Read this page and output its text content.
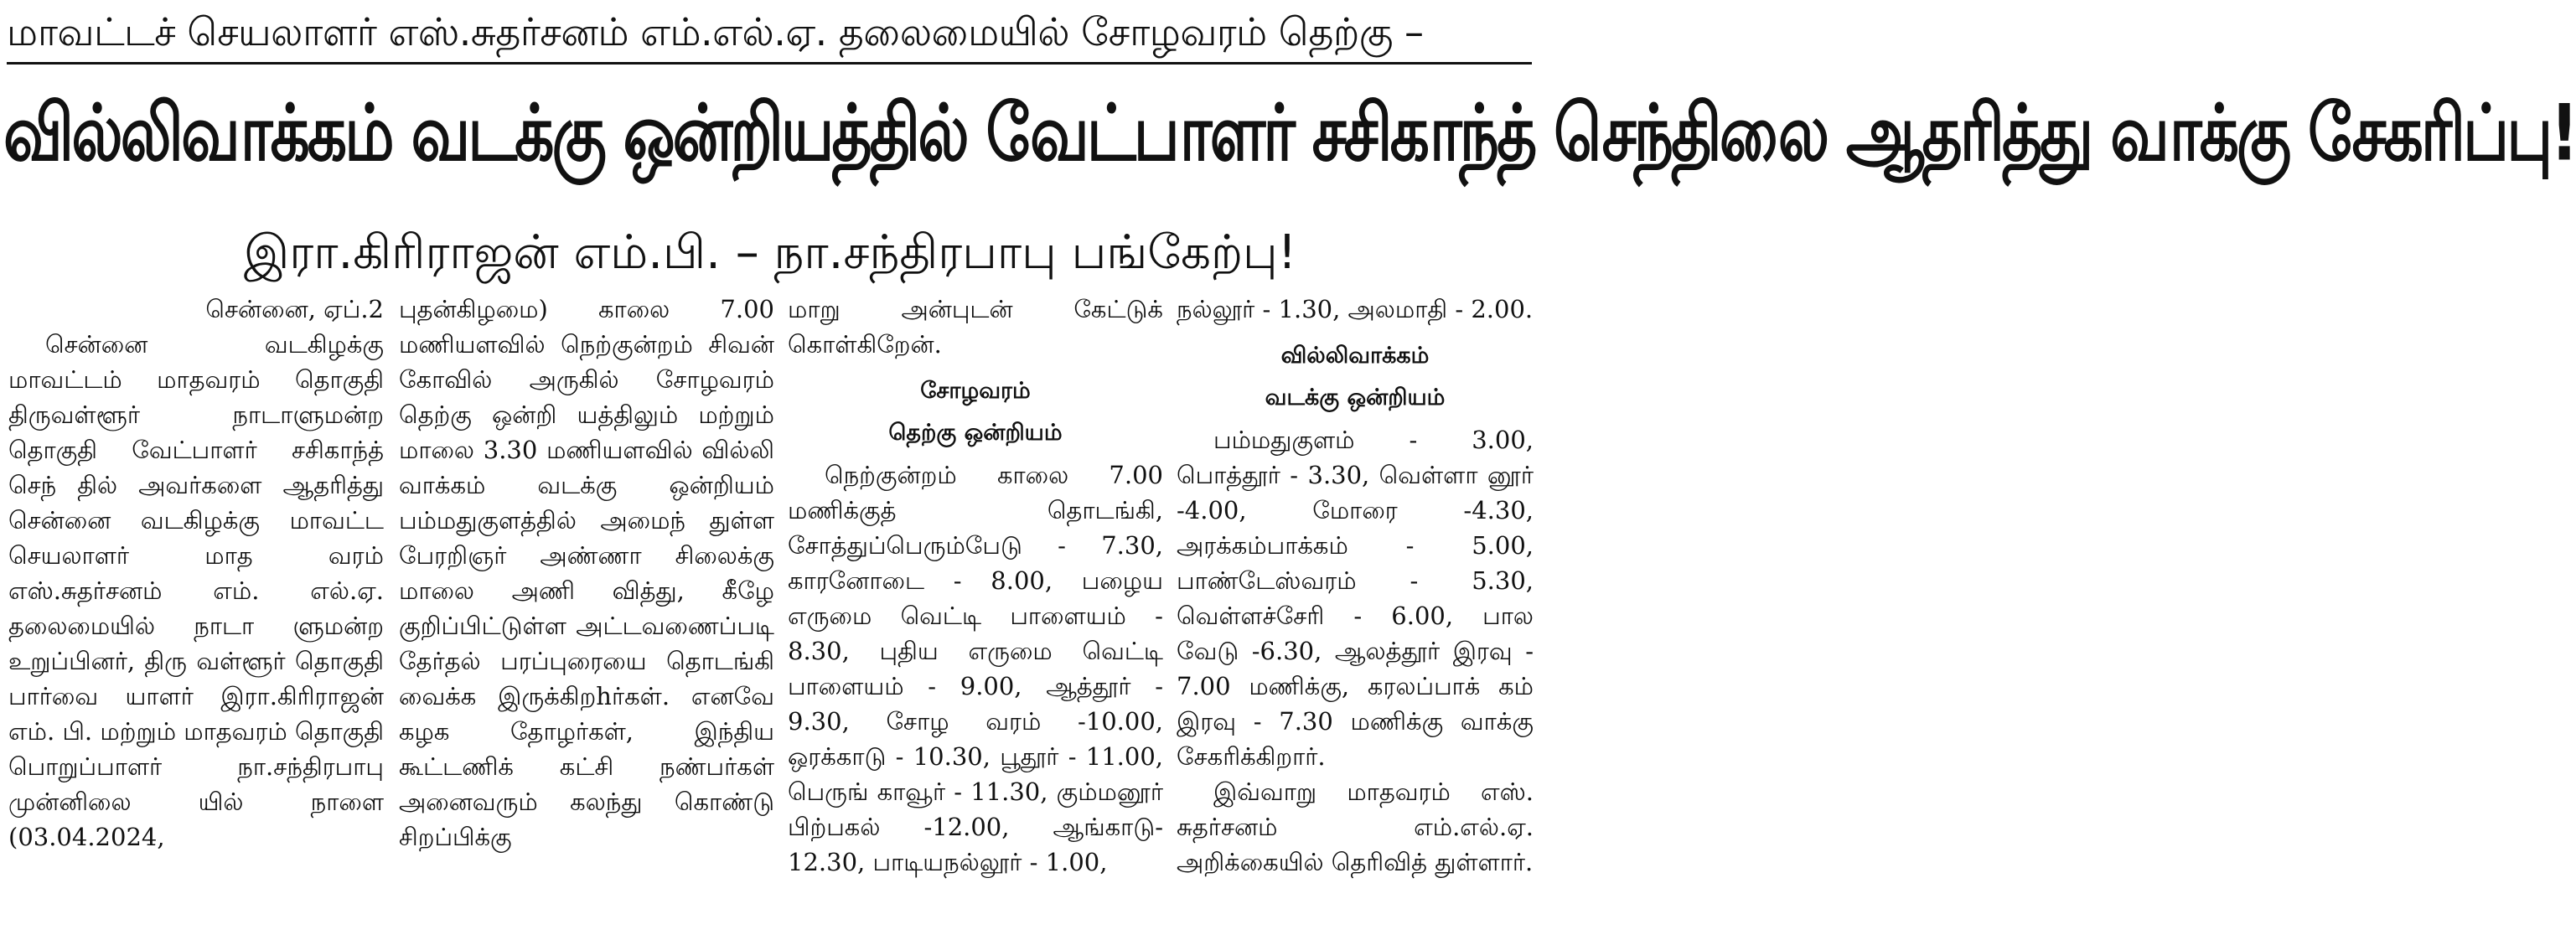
மாவட்டச் செயலாளர் எஸ்.சுதர்சனம் எம்.எல்.ஏ. தலைமையில் சோழவரம் தெற்கு –
வில்லிவாக்கம் வடக்கு ஒன்றியத்தில் வேட்பாளர் சசிகாந்த் செந்திலை ஆதரித்து வாக்கு சேகரிப்பு!
இரா.கிரிராஜன் எம்.பி. – நா.சந்திரபாபு பங்கேற்பு!

சென்னை, ஏப்.2

சென்னை வடகிழக்கு மாவட்டம் மாதவரம் தொகுதி திருவள்ளூர் நாடாளுமன்ற தொகுதி வேட்பாளர் சசிகாந்த் செந் தில் அவர்களை ஆதரித்து சென்னை வடகிழக்கு மாவட்ட செயலாளர் மாத வரம் எஸ்.சுதர்சனம் எம். எல்.ஏ. தலைமையில் நாடா ளுமன்ற உறுப்பினர், திரு வள்ளூர் தொகுதி பார்வை யாளர் இரா.கிரிராஜன் எம். பி. மற்றும் மாதவரம் தொகுதி பொறுப்பாளர் நா.சந்திரபாபு முன்னிலை யில் நாளை (03.04.2024,

புதன்கிழமை) காலை 7.00 மணியளவில் நெற்குன்றம் சிவன் கோவில் அருகில் சோழவரம் தெற்கு ஒன்றி யத்திலும் மற்றும் மாலை 3.30 மணியளவில் வில்லி வாக்கம் வடக்கு ஒன்றியம் பம்மதுகுளத்தில் அமைந் துள்ள பேரறிஞர் அண்ணா சிலைக்கு மாலை அணி வித்து, கீழே குறிப்பிட்டுள்ள அட்டவணைப்படி தேர்தல் பரப்புரையை தொடங்கி வைக்க இருக்கிறhர்கள். எனவே கழக தோழர்கள், இந்திய கூட்டணிக் கட்சி நண்பர்கள் அனைவரும் கலந்து கொண்டு சிறப்பிக்கு

மாறு அன்புடன் கேட்டுக் கொள்கிறேன்.

சோழவரம்
தெற்கு ஒன்றியம்

நெற்குன்றம் காலை 7.00 மணிக்குத் தொடங்கி, சோத்துப்பெரும்பேடு - 7.30, காரனோடை - 8.00, பழைய எருமை வெட்டி பாளையம் - 8.30, புதிய எருமை வெட்டி பாளையம் - 9.00, ஆத்தூர் - 9.30, சோழ வரம் -10.00, ஒரக்காடு - 10.30, பூதூர் - 11.00, பெருங் காவூர் - 11.30, கும்மனூர் பிற்பகல் -12.00, ஆங்காடு- 12.30, பாடியநல்லூர் - 1.00,

நல்லூர் - 1.30, அலமாதி - 2.00.

வில்லிவாக்கம்
வடக்கு ஒன்றியம்

பம்மதுகுளம் - 3.00, பொத்தூர் - 3.30, வெள்ளா னூர் -4.00, மோரை -4.30, அரக்கம்பாக்கம் - 5.00, பாண்டேஸ்வரம் - 5.30, வெள்ளச்சேரி - 6.00, பால வேடு -6.30, ஆலத்தூர் இரவு - 7.00 மணிக்கு, கரலப்பாக் கம் இரவு - 7.30 மணிக்கு வாக்கு சேகரிக்கிறார்.

இவ்வாறு மாதவரம் எஸ். சுதர்சனம் எம்.எல்.ஏ. அறிக்கையில் தெரிவித் துள்ளார்.
